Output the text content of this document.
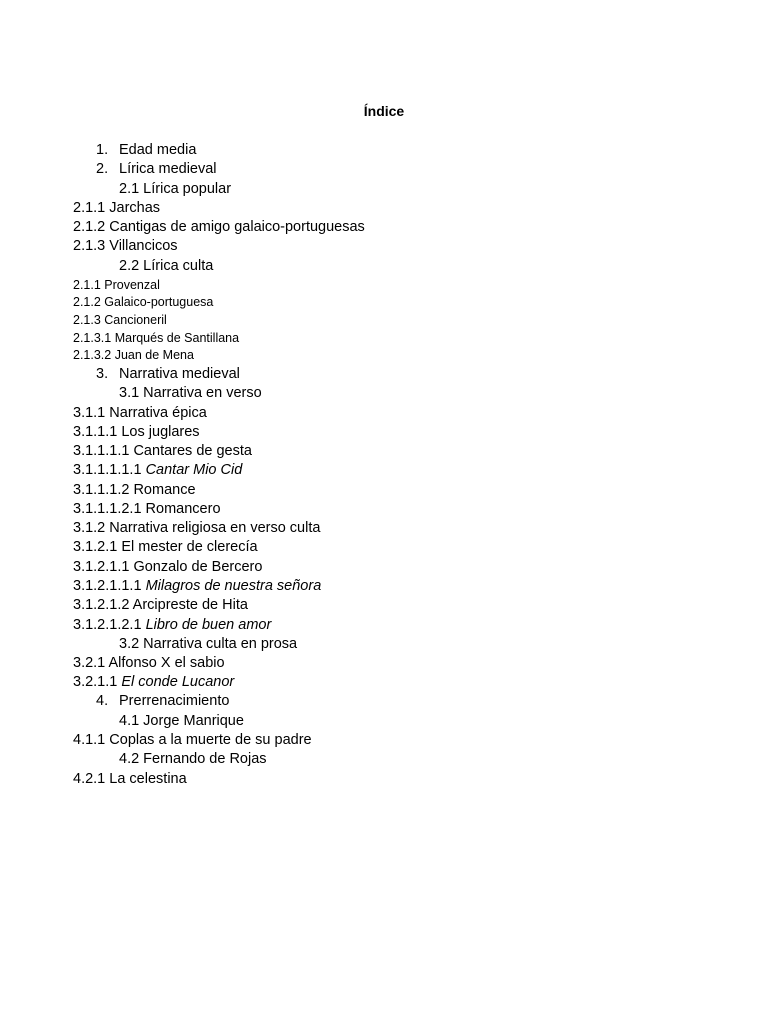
Índice
1. Edad media
2. Lírica medieval
2.1 Lírica popular
2.1.1 Jarchas
2.1.2 Cantigas de amigo galaico-portuguesas
2.1.3 Villancicos
2.2 Lírica culta
2.1.1 Provenzal
2.1.2 Galaico-portuguesa
2.1.3 Cancioneril
2.1.3.1 Marqués de Santillana
2.1.3.2 Juan de Mena
3. Narrativa medieval
3.1 Narrativa en verso
3.1.1 Narrativa épica
3.1.1.1 Los juglares
3.1.1.1.1 Cantares de gesta
3.1.1.1.1.1 Cantar Mio Cid
3.1.1.1.2 Romance
3.1.1.1.2.1 Romancero
3.1.2 Narrativa religiosa en verso culta
3.1.2.1 El mester de clerecía
3.1.2.1.1 Gonzalo de Bercero
3.1.2.1.1.1 Milagros de nuestra señora
3.1.2.1.2 Arcipreste de Hita
3.1.2.1.2.1 Libro de buen amor
3.2 Narrativa culta en prosa
3.2.1 Alfonso X el sabio
3.2.1.1 El conde Lucanor
4. Prerrenacimiento
4.1 Jorge Manrique
4.1.1 Coplas a la muerte de su padre
4.2 Fernando de Rojas
4.2.1 La celestina
